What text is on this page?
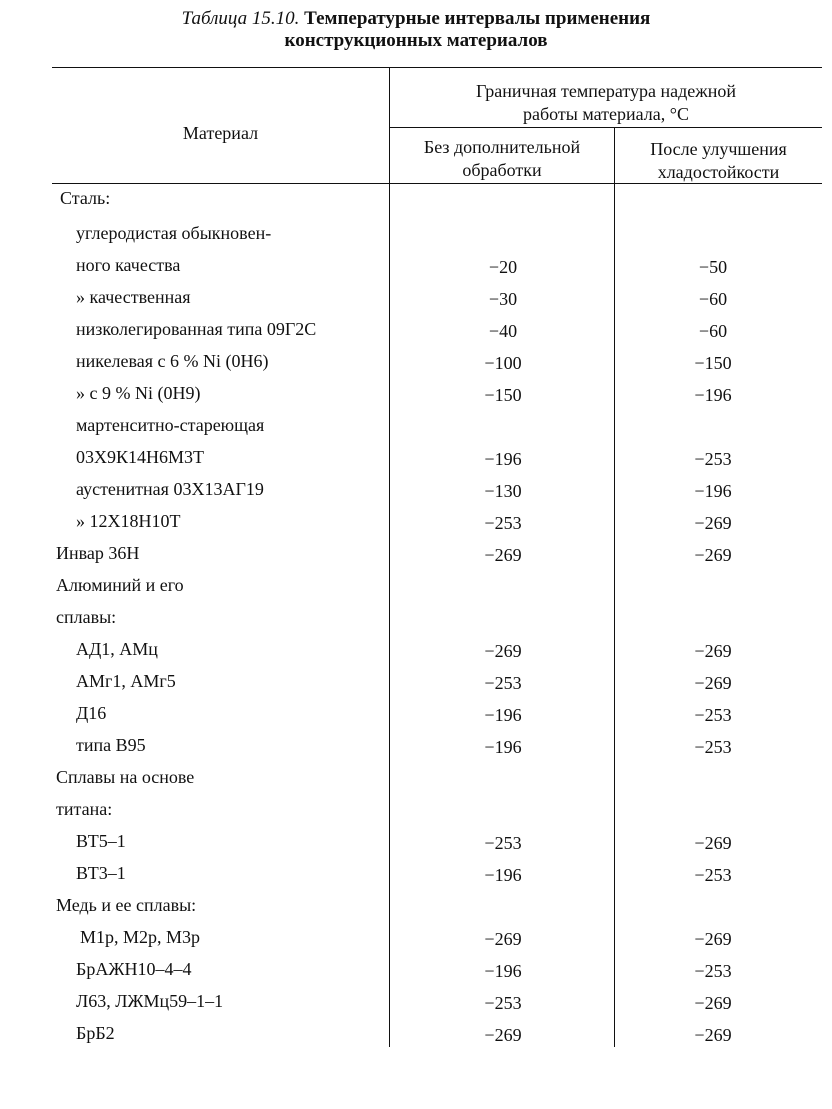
Таблица 15.10. Температурные интервалы применения
конструкционных материалов
Материал
Граничная температура надежной
работы материала, °C
Без дополнительной
обработки
После улучшения
хладостойкости
Сталь:
углеродистая обыкновен-
ного качества	−20	−50
» качественная	−30	−60
низколегированная типа 09Г2С	−40	−60
никелевая с 6 % Ni (0Н6)	−100	−150
» с 9 % Ni (0Н9)	−150	−196
мартенситно-стареющая
03Х9К14Н6М3Т	−196	−253
аустенитная 03Х13АГ19	−130	−196
» 12Х18Н10Т	−253	−269
Инвар 36Н	−269	−269
Алюминий и его
сплавы:
АД1, АМц	−269	−269
АМг1, АМг5	−253	−269
Д16	−196	−253
типа В95	−196	−253
Сплавы на основе
титана:
ВТ5–1	−253	−269
ВТ3–1	−196	−253
Медь и ее сплавы:
М1р, М2р, М3р	−269	−269
БрАЖН10–4–4	−196	−253
Л63, ЛЖМц59–1–1	−253	−269
БрБ2	−269	−269
